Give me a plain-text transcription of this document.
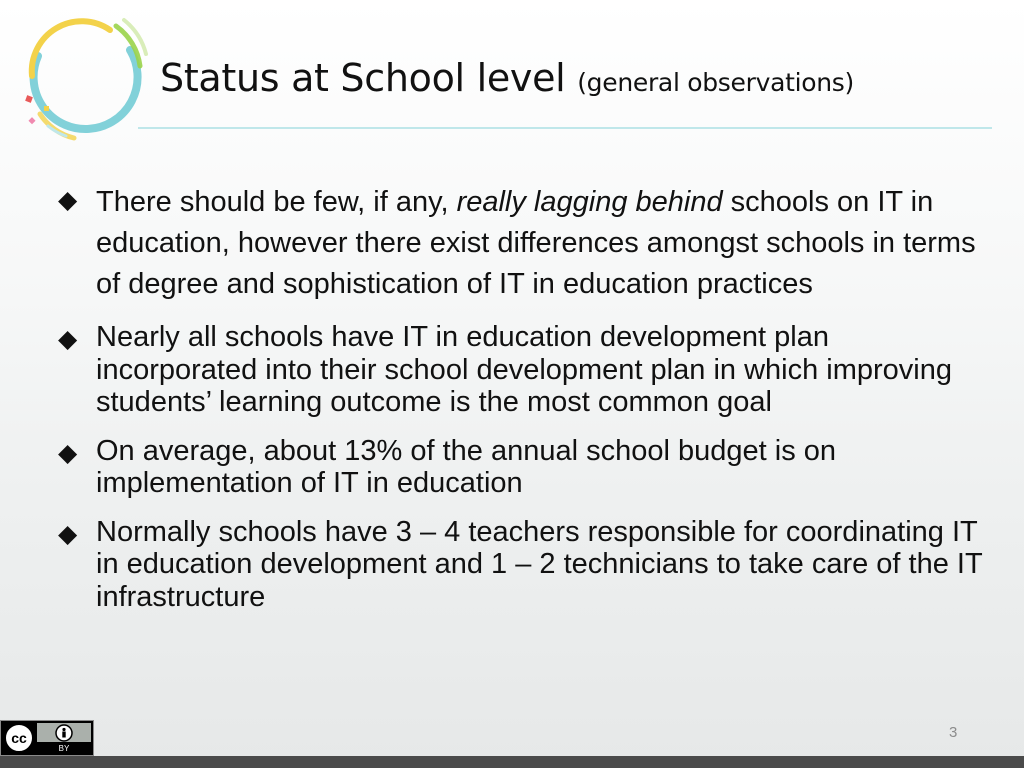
Status at School level (general observations)
◆ There should be few, if any, really lagging behind schools on IT in education, however there exist differences amongst schools in terms of degree and sophistication of IT in education practices
◆ Nearly all schools have IT in education development plan incorporated into their school development plan in which improving students’ learning outcome is the most common goal
◆ On average, about 13% of the annual school budget is on implementation of IT in education
◆ Normally schools have 3 – 4 teachers responsible for coordinating IT in education development and 1 – 2 technicians to take care of the IT infrastructure
cc
BY
3
